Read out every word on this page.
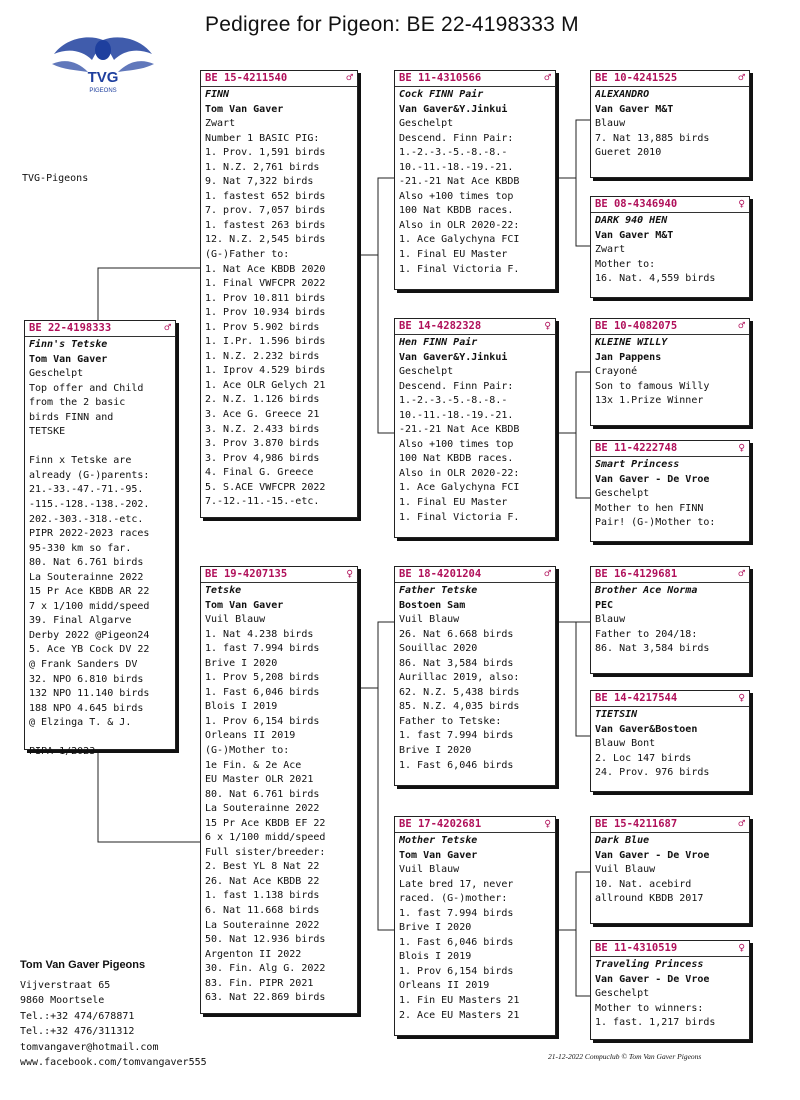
Pedigree for Pigeon: BE 22-4198333 M
TVG
PIGEONS
TVG-Pigeons
BE 22-4198333	♂
Finn's Tetske
Tom Van Gaver
Geschelpt
Top offer and Child
from the 2 basic
birds FINN and
TETSKE

Finn x Tetske are
already (G-)parents:
21.-33.-47.-71.-95.
-115.-128.-138.-202.
202.-303.-318.-etc.
PIPR 2022-2023 races
95-330 km so far.
80. Nat 6.761 birds
La Souterainne 2022
15 Pr Ace KBDB AR 22
7 x 1/100 midd/speed
39. Final Algarve
Derby 2022 @Pigeon24
5. Ace YB Cock DV 22
@ Frank Sanders DV
32. NPO 6.810 birds
132 NPO 11.140 birds
188 NPO 4.645 birds
@ Elzinga T. & J.

PIPA 1/2023
BE 15-4211540	♂
FINN
Tom Van Gaver
Zwart
Number 1 BASIC PIG:
1. Prov. 1,591 birds
1. N.Z. 2,761 birds
9. Nat 7,322 birds
1. fastest 652 birds
7. prov. 7,057 birds
1. fastest 263 birds
12. N.Z. 2,545 birds
(G-)Father to:
1. Nat Ace KBDB 2020
1. Final VWFCPR 2022
1. Prov 10.811 birds
1. Prov 10.934 birds
1. Prov 5.902 birds
1. I.Pr. 1.596 birds
1. N.Z. 2.232 birds
1. Iprov 4.529 birds
1. Ace OLR Gelych 21
2. N.Z. 1.126 birds
3. Ace G. Greece 21
3. N.Z. 2.433 birds
3. Prov 3.870 birds
3. Prov 4,986 birds
4. Final G. Greece
5. S.ACE VWFCPR 2022
7.-12.-11.-15.-etc.
BE 19-4207135	♀
Tetske
Tom Van Gaver
Vuil Blauw
1. Nat 4.238 birds
1. fast 7.994 birds
Brive I 2020
1. Prov 5,208 birds
1. Fast 6,046 birds
Blois I 2019
1. Prov 6,154 birds
Orleans II 2019
(G-)Mother to:
1e Fin. & 2e Ace
EU Master OLR 2021
80. Nat 6.761 birds
La Souterainne 2022
15 Pr Ace KBDB EF 22
6 x 1/100 midd/speed
Full sister/breeder:
2. Best YL 8 Nat 22
26. Nat Ace KBDB 22
1. fast 1.138 birds
6. Nat 11.668 birds
La Souterainne 2022
50. Nat 12.936 birds
Argenton II 2022
30. Fin. Alg G. 2022
83. Fin. PIPR 2021
63. Nat 22.869 birds
BE 11-4310566	♂
Cock FINN Pair
Van Gaver&Y.Jinkui
Geschelpt
Descend. Finn Pair:
1.-2.-3.-5.-8.-8.-
10.-11.-18.-19.-21.
-21.-21 Nat Ace KBDB
Also +100 times top
100 Nat KBDB races.
Also in OLR 2020-22:
1. Ace Galychyna FCI
1. Final EU Master
1. Final Victoria F.
BE 14-4282328	♀
Hen FINN Pair
Van Gaver&Y.Jinkui
Geschelpt
Descend. Finn Pair:
1.-2.-3.-5.-8.-8.-
10.-11.-18.-19.-21.
-21.-21 Nat Ace KBDB
Also +100 times top
100 Nat KBDB races.
Also in OLR 2020-22:
1. Ace Galychyna FCI
1. Final EU Master
1. Final Victoria F.
BE 18-4201204	♂
Father Tetske
Bostoen Sam
Vuil Blauw
26. Nat 6.668 birds
Souillac 2020
86. Nat 3,584 birds
Aurillac 2019, also:
62. N.Z. 5,438 birds
85. N.Z. 4,035 birds
Father to Tetske:
1. fast 7.994 birds
Brive I 2020
1. Fast 6,046 birds
BE 17-4202681	♀
Mother Tetske
Tom Van Gaver
Vuil Blauw
Late bred 17, never
raced. (G-)mother:
1. fast 7.994 birds
Brive I 2020
1. Fast 6,046 birds
Blois I 2019
1. Prov 6,154 birds
Orleans II 2019
1. Fin EU Masters 21
2. Ace EU Masters 21
BE 10-4241525	♂
ALEXANDRO
Van Gaver M&T
Blauw
7. Nat 13,885 birds
Gueret 2010
BE 08-4346940	♀
DARK 940 HEN
Van Gaver M&T
Zwart
Mother to:
16. Nat. 4,559 birds
BE 10-4082075	♂
KLEINE WILLY
Jan Pappens
Crayoné
Son to famous Willy
13x 1.Prize Winner
BE 11-4222748	♀
Smart Princess
Van Gaver - De Vroe
Geschelpt
Mother to hen FINN
Pair! (G-)Mother to:
BE 16-4129681	♂
Brother Ace Norma
PEC
Blauw
Father to 204/18:
86. Nat 3,584 birds
BE 14-4217544	♀
TIETSIN
Van Gaver&Bostoen
Blauw Bont
2. Loc 147 birds
24. Prov. 976 birds
BE 15-4211687	♂
Dark Blue
Van Gaver - De Vroe
Vuil Blauw
10. Nat. acebird
allround KBDB 2017
BE 11-4310519	♀
Traveling Princess
Van Gaver - De Vroe
Geschelpt
Mother to winners:
1. fast. 1,217 birds
Tom Van Gaver Pigeons
Vijverstraat 65
9860 Moortsele
Tel.:+32 474/678871
Tel.:+32 476/311312
tomvangaver@hotmail.com
www.facebook.com/tomvangaver555
21-12-2022 Compuclub © Tom Van Gaver Pigeons
